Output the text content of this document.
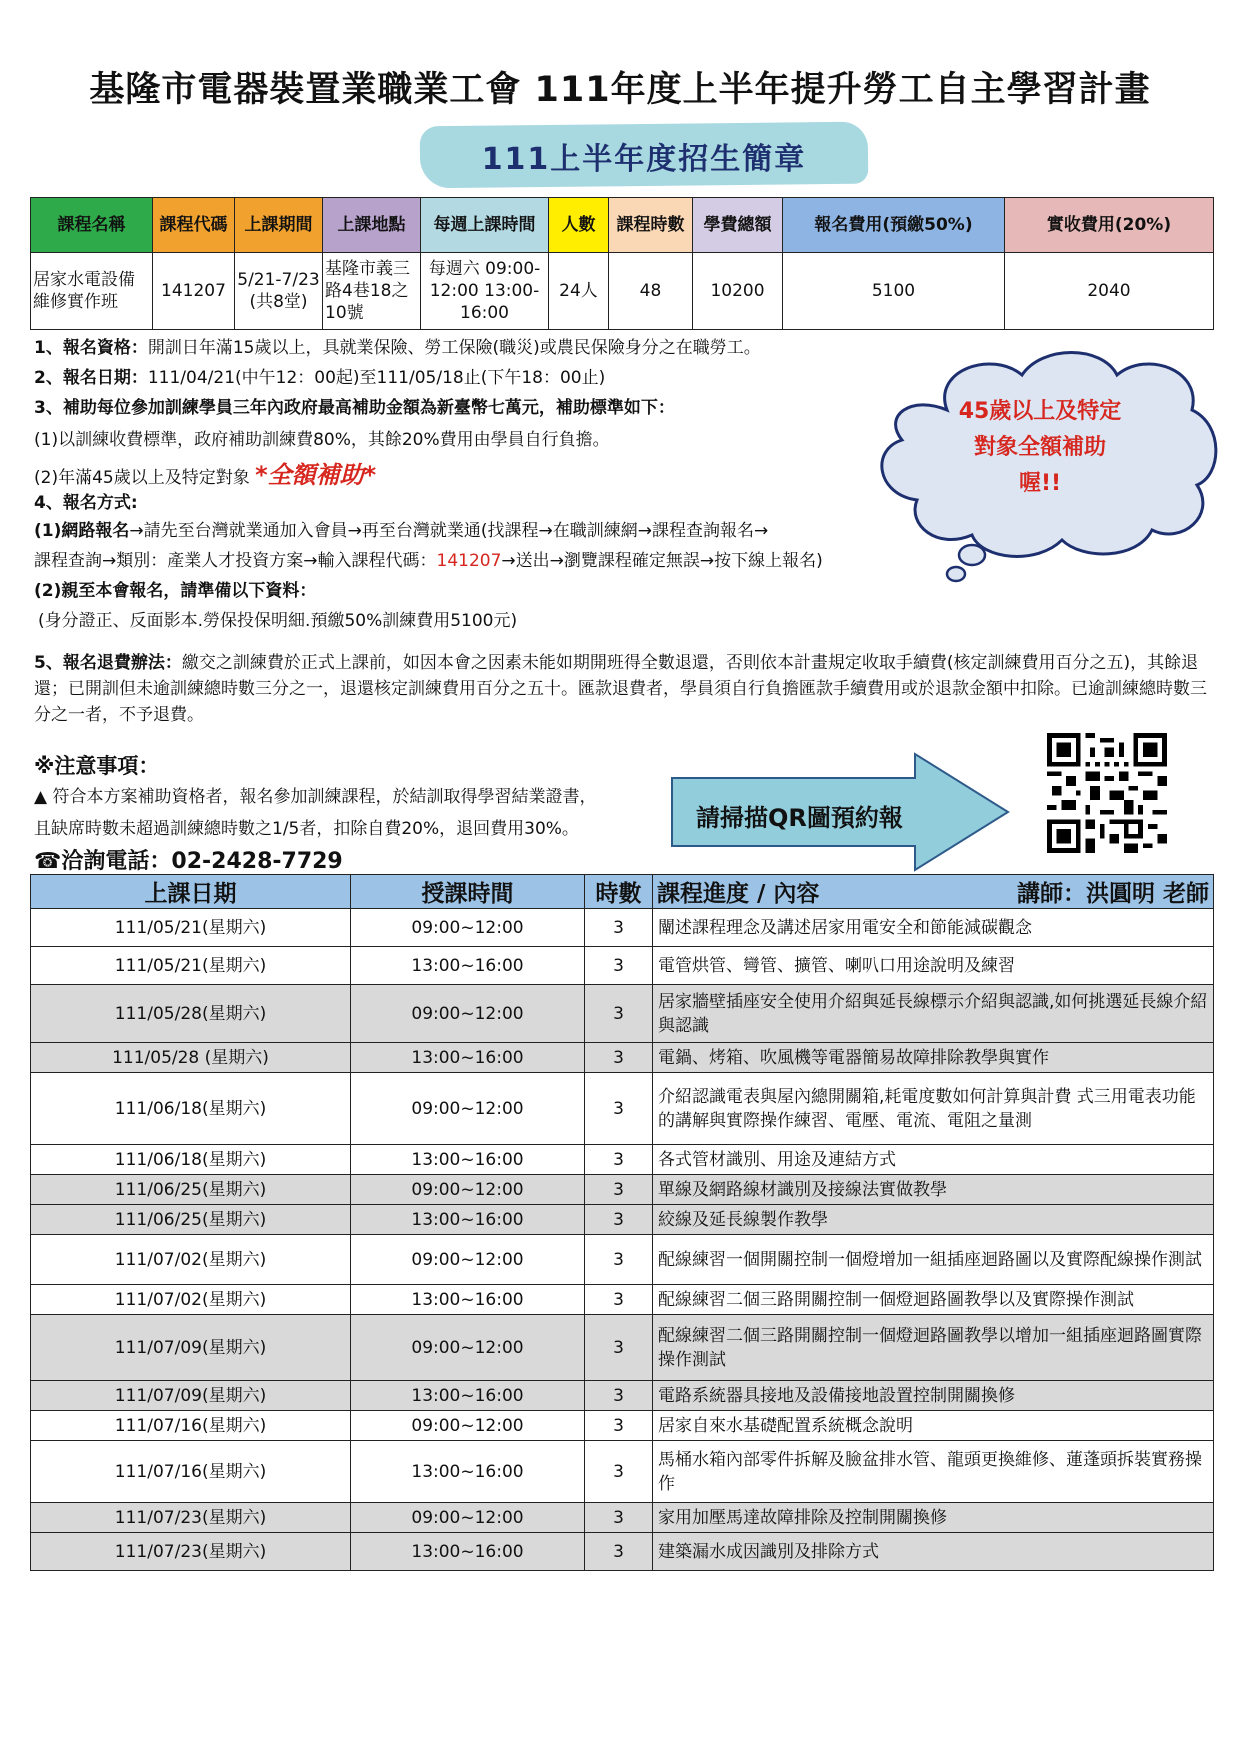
基隆市電器裝置業職業工會 111年度上半年提升勞工自主學習計畫
111上半年度招生簡章
課程名稱	課程代碼	上課期間	上課地點	每週上課時間	人數	課程時數	學費總額	報名費用(預繳50%)	實收費用(20%)
居家水電設備維修實作班	141207	5/21-7/23 (共8堂)	基隆市義三路4巷18之10號	每週六 09:00-12:00 13:00-16:00	24人	48	10200	5100	2040
1、報名資格：開訓日年滿15歲以上，具就業保險、勞工保險(職災)或農民保險身分之在職勞工。
2、報名日期：111/04/21(中午12：00起)至111/05/18止(下午18：00止)
3、補助每位參加訓練學員三年內政府最高補助金額為新臺幣七萬元，補助標準如下：
(1)以訓練收費標準，政府補助訓練費80%，其餘20%費用由學員自行負擔。
(2)年滿45歲以上及特定對象 *全額補助*
4、報名方式:
(1)網路報名→請先至台灣就業通加入會員→再至台灣就業通(找課程→在職訓練網→課程查詢報名→
課程查詢→類別：產業人才投資方案→輸入課程代碼：141207→送出→瀏覽課程確定無誤→按下線上報名)
(2)親至本會報名，請準備以下資料：
(身分證正、反面影本.勞保投保明細.預繳50%訓練費用5100元)
5、報名退費辦法：繳交之訓練費於正式上課前，如因本會之因素未能如期開班得全數退還，否則依本計畫規定收取手續費(核定訓練費用百分之五)，其餘退還；已開訓但未逾訓練總時數三分之一，退還核定訓練費用百分之五十。匯款退費者，學員須自行負擔匯款手續費用或於退款金額中扣除。已逾訓練總時數三分之一者，不予退費。
45歲以上及特定
對象全額補助
喔!!
※注意事項：
▲ 符合本方案補助資格者，報名參加訓練課程，於結訓取得學習結業證書，
且缺席時數未超過訓練總時數之1/5者，扣除自費20%，退回費用30%。
☎洽詢電話：02-2428-7729
請掃描QR圖預約報
上課日期	授課時間	時數	課程進度 / 內容 講師：洪圓明 老師

111/05/21(星期六)	09:00~12:00	3	闡述課程理念及講述居家用電安全和節能減碳觀念
111/05/21(星期六)	13:00~16:00	3	電管烘管、彎管、擴管、喇叭口用途說明及練習
111/05/28(星期六)	09:00~12:00	3	居家牆壁插座安全使用介紹與延長線標示介紹與認識,如何挑選延長線介紹與認識
111/05/28 (星期六)	13:00~16:00	3	電鍋、烤箱、吹風機等電器簡易故障排除教學與實作
111/06/18(星期六)	09:00~12:00	3	介紹認識電表與屋內總開關箱,耗電度數如何計算與計費 式三用電表功能的講解與實際操作練習、電壓、電流、電阻之量測
111/06/18(星期六)	13:00~16:00	3	各式管材識別、用途及連結方式
111/06/25(星期六)	09:00~12:00	3	單線及網路線材識別及接線法實做教學
111/06/25(星期六)	13:00~16:00	3	絞線及延長線製作教學
111/07/02(星期六)	09:00~12:00	3	配線練習一個開關控制一個燈增加一組插座迴路圖以及實際配線操作測試
111/07/02(星期六)	13:00~16:00	3	配線練習二個三路開關控制一個燈迴路圖教學以及實際操作測試
111/07/09(星期六)	09:00~12:00	3	配線練習二個三路開關控制一個燈迴路圖教學以增加一組插座迴路圖實際操作測試
111/07/09(星期六)	13:00~16:00	3	電路系統器具接地及設備接地設置控制開關換修
111/07/16(星期六)	09:00~12:00	3	居家自來水基礎配置系統概念說明
111/07/16(星期六)	13:00~16:00	3	馬桶水箱內部零件拆解及臉盆排水管、龍頭更換維修、蓮蓬頭拆裝實務操作
111/07/23(星期六)	09:00~12:00	3	家用加壓馬達故障排除及控制開關換修
111/07/23(星期六)	13:00~16:00	3	建築漏水成因識別及排除方式
